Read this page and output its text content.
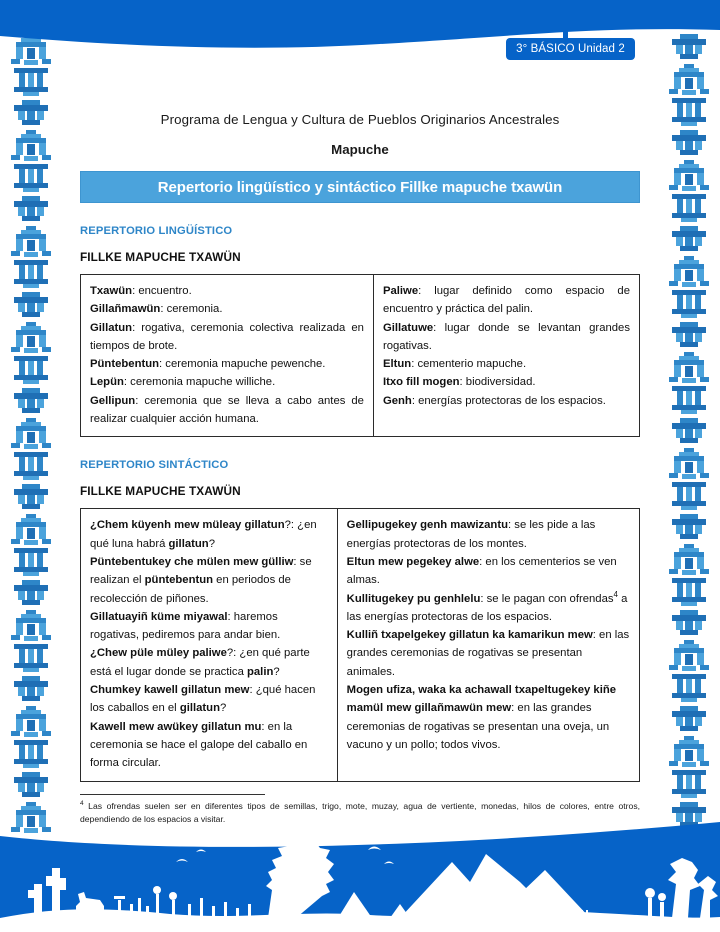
3° BÁSICO Unidad 2
Programa de Lengua y Cultura de Pueblos Originarios Ancestrales
Mapuche
Repertorio lingüístico y sintáctico Fillke mapuche txawün
REPERTORIO LINGÜÍSTICO
FILLKE MAPUCHE TXAWÜN
Txawün: encuentro.
Gillañmawün: ceremonia.
Gillatun: rogativa, ceremonia colectiva realizada en tiempos de brote.
Püntebentun: ceremonia mapuche pewenche.
Lepün: ceremonia mapuche williche.
Gellipun: ceremonia que se lleva a cabo antes de realizar cualquier acción humana.
Paliwe: lugar definido como espacio de encuentro y práctica del palin.
Gillatuwe: lugar donde se levantan grandes rogativas.
Eltun: cementerio mapuche.
Itxo fill mogen: biodiversidad.
Genh: energías protectoras de los espacios.
REPERTORIO SINTÁCTICO
FILLKE MAPUCHE TXAWÜN
¿Chem küyenh mew müleay gillatun?: ¿en qué luna habrá gillatun?
Püntebentukey che mülen mew gülliw: se realizan el püntebentun en periodos de recolección de piñones.
Gillatuayiñ küme miyawal: haremos rogativas, pediremos para andar bien.
¿Chew püle müley paliwe?: ¿en qué parte está el lugar donde se practica palin?
Chumkey kawell gillatun mew: ¿qué hacen los caballos en el gillatun?
Kawell mew awükey gillatun mu: en la ceremonia se hace el galope del caballo en forma circular.
Gellipugekey genh mawizantu: se les pide a las energías protectoras de los montes.
Eltun mew pegekey alwe: en los cementerios se ven almas.
Kullitugekey pu genhlelu: se le pagan con ofrendas$^4$ a las energías protectoras de los espacios.
Kulliñ txapelgekey gillatun ka kamarikun mew: en las grandes ceremonias de rogativas se presentan animales.
Mogen ufiza, waka ka achawall txapeltugekey kiñe mamül mew gillañmawün mew: en las grandes ceremonias de rogativas se presentan una oveja, un vacuno y un pollo; todos vivos.
$^4$ Las ofrendas suelen ser en diferentes tipos de semillas, trigo, mote, muzay, agua de vertiente, monedas, hilos de colores, entre otros, dependiendo de los espacios a visitar.
